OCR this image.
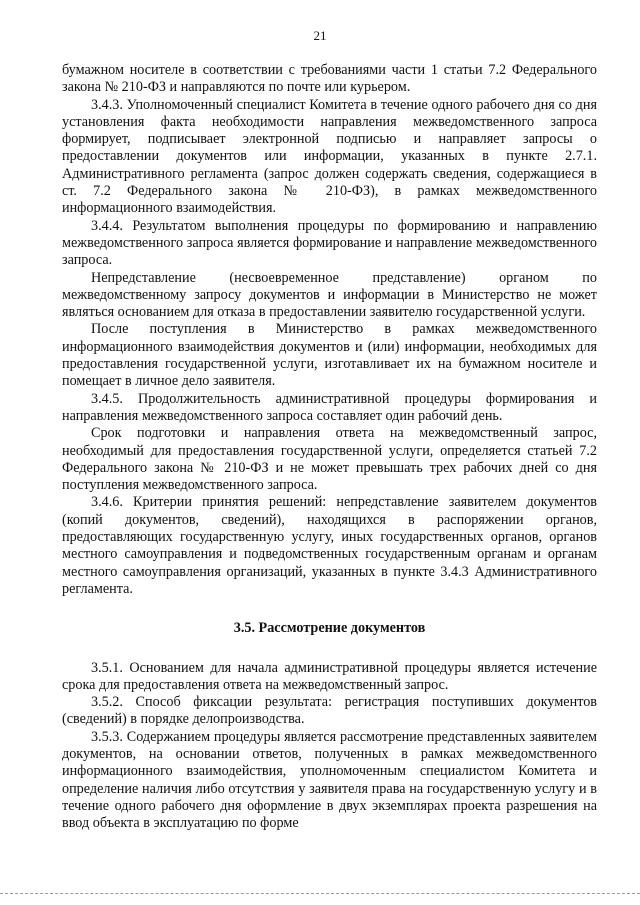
21

бумажном носителе в соответствии с требованиями части 1 статьи 7.2 Федерального закона № 210-ФЗ и направляются по почте или курьером.

3.4.3. Уполномоченный специалист Комитета в течение одного рабочего дня со дня установления факта необходимости направления межведомственного запроса формирует, подписывает электронной подписью и направляет запросы о предоставлении документов или информации, указанных в пункте 2.7.1. Административного регламента (запрос должен содержать сведения, содержащиеся в ст. 7.2 Федерального закона № 210-ФЗ), в рамках межведомственного информационного взаимодействия.

3.4.4. Результатом выполнения процедуры по формированию и направлению межведомственного запроса является формирование и направление межведомственного запроса.

Непредставление (несвоевременное представление) органом по межведомственному запросу документов и информации в Министерство не может являться основанием для отказа в предоставлении заявителю государственной услуги.

После поступления в Министерство в рамках межведомственного информационного взаимодействия документов и (или) информации, необходимых для предоставления государственной услуги, изготавливает их на бумажном носителе и помещает в личное дело заявителя.

3.4.5. Продолжительность административной процедуры формирования и направления межведомственного запроса составляет один рабочий день.

Срок подготовки и направления ответа на межведомственный запрос, необходимый для предоставления государственной услуги, определяется статьей 7.2 Федерального закона № 210-ФЗ и не может превышать трех рабочих дней со дня поступления межведомственного запроса.

3.4.6. Критерии принятия решений: непредставление заявителем документов (копий документов, сведений), находящихся в распоряжении органов, предоставляющих государственную услугу, иных государственных органов, органов местного самоуправления и подведомственных государственным органам и органам местного самоуправления организаций, указанных в пункте 3.4.3 Административного регламента.

3.5. Рассмотрение документов

3.5.1. Основанием для начала административной процедуры является истечение срока для предоставления ответа на межведомственный запрос.

3.5.2. Способ фиксации результата: регистрация поступивших документов (сведений) в порядке делопроизводства.

3.5.3. Содержанием процедуры является рассмотрение представленных заявителем документов, на основании ответов, полученных в рамках межведомственного информационного взаимодействия, уполномоченным специалистом Комитета и определение наличия либо отсутствия у заявителя права на государственную услугу и в течение одного рабочего дня оформление в двух экземплярах проекта разрешения на ввод объекта в эксплуатацию по форме
